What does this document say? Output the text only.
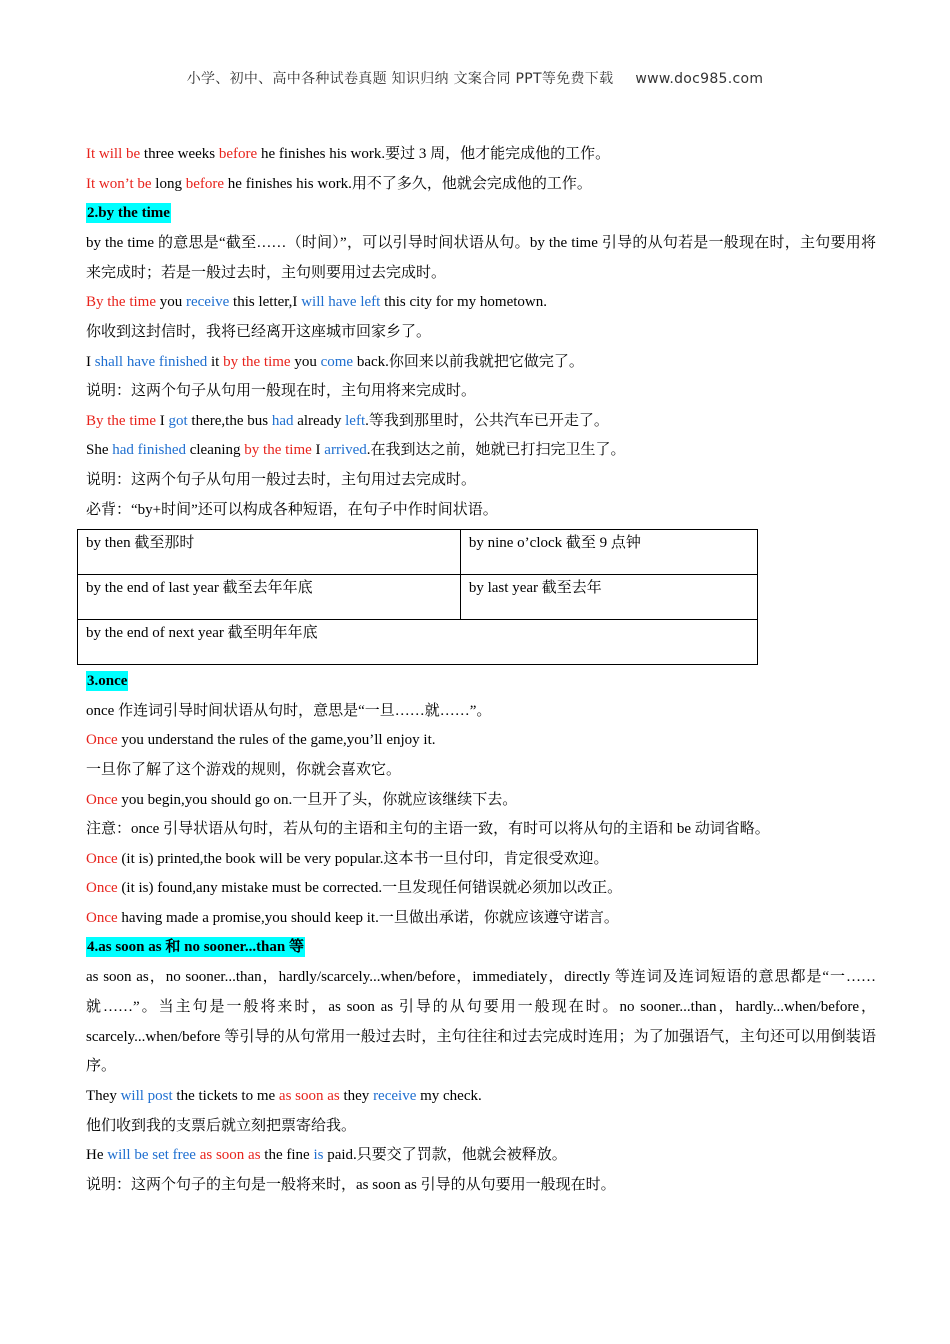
小学、初中、高中各种试卷真题 知识归纳 文案合同 PPT等免费下载 www.doc985.com
It will be three weeks before he finishes his work.要过 3 周，他才能完成他的工作。
It won’t be long before he finishes his work.用不了多久，他就会完成他的工作。
2.by the time
by the time 的意思是“截至……（时间）”，可以引导时间状语从句。by the time 引导的从句若是一般现在时，主句要用将来完成时；若是一般过去时，主句则要用过去完成时。
By the time you receive this letter,I will have left this city for my hometown.
你收到这封信时，我将已经离开这座城市回家乡了。
I shall have finished it by the time you come back.你回来以前我就把它做完了。
说明：这两个句子从句用一般现在时，主句用将来完成时。
By the time I got there,the bus had already left.等我到那里时，公共汽车已开走了。
She had finished cleaning by the time I arrived.在我到达之前，她就已打扫完卫生了。
说明：这两个句子从句用一般过去时，主句用过去完成时。
必背：“by+时间”还可以构成各种短语，在句子中作时间状语。
by then 截至那时	by nine o’clock 截至 9 点钟
by the end of last year 截至去年年底	by last year 截至去年
by the end of next year 截至明年年底	
3.once
once 作连词引导时间状语从句时，意思是“一旦……就……”。
Once you understand the rules of the game,you’ll enjoy it.
一旦你了解了这个游戏的规则，你就会喜欢它。
Once you begin,you should go on.一旦开了头，你就应该继续下去。
注意：once 引导状语从句时，若从句的主语和主句的主语一致，有时可以将从句的主语和 be 动词省略。
Once (it is) printed,the book will be very popular.这本书一旦付印，肯定很受欢迎。
Once (it is) found,any mistake must be corrected.一旦发现任何错误就必须加以改正。
Once having made a promise,you should keep it.一旦做出承诺，你就应该遵守诺言。
4.as soon as 和 no sooner...than 等
as soon as，no sooner...than，hardly/scarcely...when/before，immediately，directly 等连词及连词短语的意思都是“一……就……”。当主句是一般将来时，as soon as 引导的从句要用一般现在时。no sooner...than，hardly...when/before，scarcely...when/before 等引导的从句常用一般过去时，主句往往和过去完成时连用；为了加强语气，主句还可以用倒装语序。
They will post the tickets to me as soon as they receive my check.
他们收到我的支票后就立刻把票寄给我。
He will be set free as soon as the fine is paid.只要交了罚款，他就会被释放。
说明：这两个句子的主句是一般将来时，as soon as 引导的从句要用一般现在时。
